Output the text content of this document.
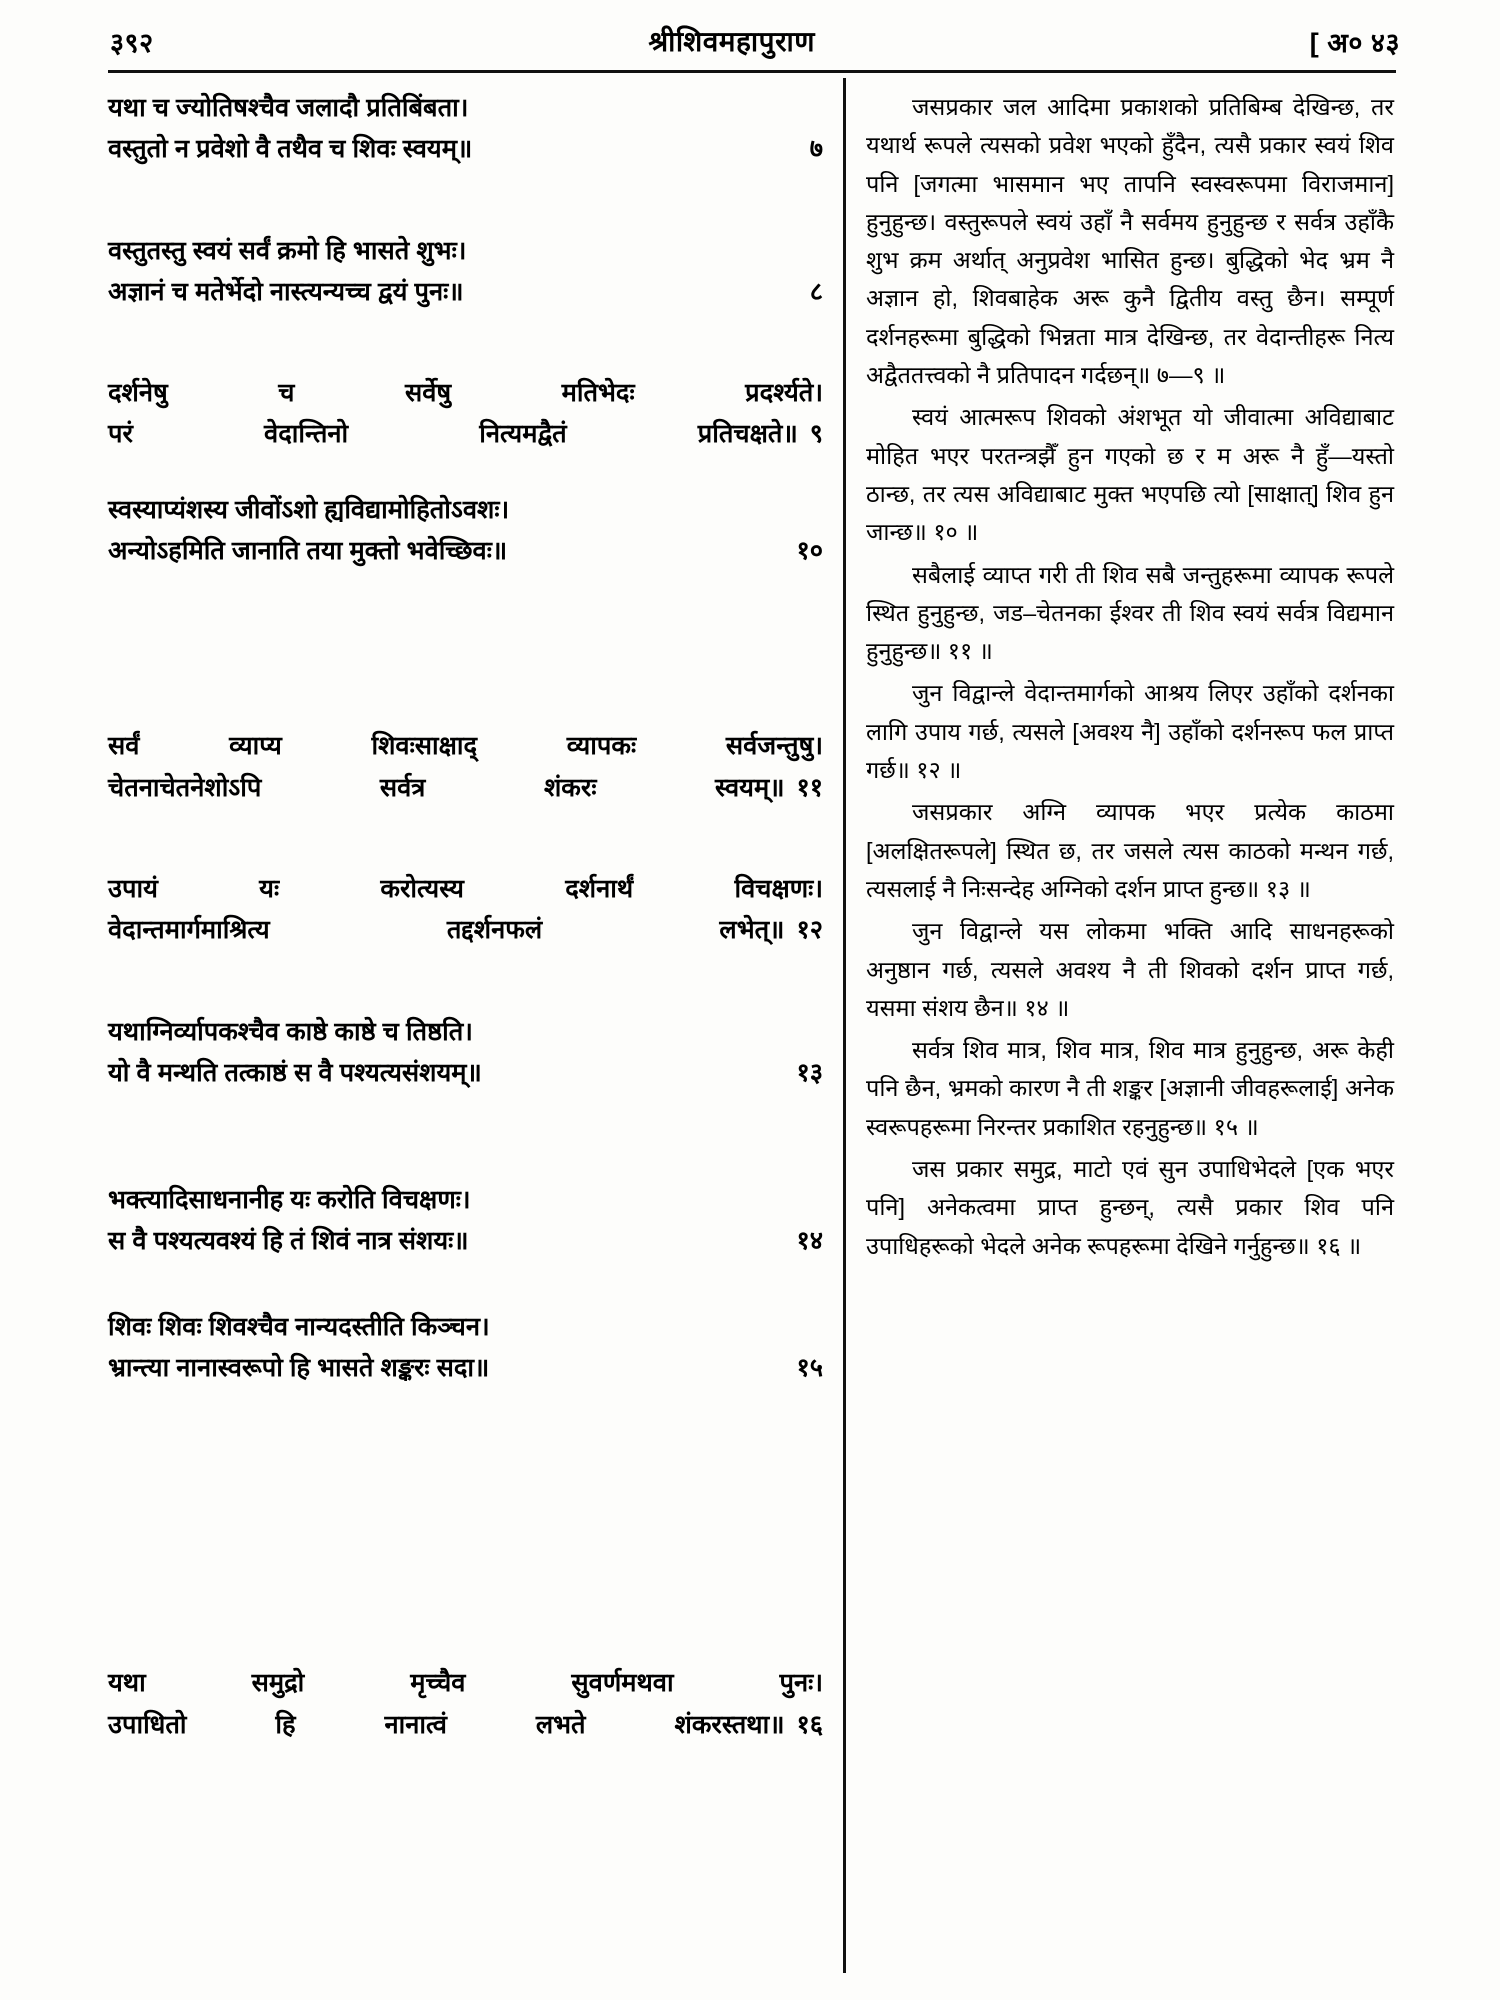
३९२	श्रीशिवमहापुराण	[ अ० ४३
यथा च ज्योतिषश्चैव जलादौ प्रतिबिंबता।
वस्तुतो न प्रवेशो वै तथैव च शिवः स्वयम्॥	७
वस्तुतस्तु स्वयं सर्वं क्रमो हि भासते शुभः।
अज्ञानं च मतेर्भेदो नास्त्यन्यच्च द्वयं पुनः॥	८
दर्शनेषु च सर्वेषु मतिभेदः प्रदर्श्यते।
परं वेदान्तिनो नित्यमद्वैतं प्रतिचक्षते॥ ९
स्वस्याप्यंशस्य जीवोंऽशो ह्यविद्यामोहितोऽवशः।
अन्योऽहमिति जानाति तया मुक्तो भवेच्छिवः॥	१०
सर्वं व्याप्य शिवःसाक्षाद् व्यापकः सर्वजन्तुषु।
चेतनाचेतनेशोऽपि सर्वत्र शंकरः स्वयम्॥ ११
उपायं यः करोत्यस्य दर्शनार्थं विचक्षणः।
वेदान्तमार्गमाश्रित्य तद्दर्शनफलं लभेत्॥ १२
यथाग्निर्व्यापकश्चैव काष्ठे काष्ठे च तिष्ठति।
यो वै मन्थति तत्काष्ठं स वै पश्यत्यसंशयम्॥	१३
भक्त्यादिसाधनानीह यः करोति विचक्षणः।
स वै पश्यत्यवश्यं हि तं शिवं नात्र संशयः॥	१४
शिवः शिवः शिवश्चैव नान्यदस्तीति किञ्चन।
भ्रान्त्या नानास्वरूपो हि भासते शङ्करः सदा॥	१५
यथा समुद्रो मृच्चैव सुवर्णमथवा पुनः।
उपाधितो हि नानात्वं लभते शंकरस्तथा॥ १६

जसप्रकार जल आदिमा प्रकाशको प्रतिबिम्ब देखिन्छ, तर यथार्थ रूपले त्यसको प्रवेश भएको हुँदैन, त्यसै प्रकार स्वयं शिव पनि [जगत्मा भासमान भए तापनि स्वस्वरूपमा विराजमान] हुनुहुन्छ। वस्तुरूपले स्वयं उहाँ नै सर्वमय हुनुहुन्छ र सर्वत्र उहाँकै शुभ क्रम अर्थात् अनुप्रवेश भासित हुन्छ। बुद्धिको भेद भ्रम नै अज्ञान हो, शिवबाहेक अरू कुनै द्वितीय वस्तु छैन। सम्पूर्ण दर्शनहरूमा बुद्धिको भिन्नता मात्र देखिन्छ, तर वेदान्तीहरू नित्य अद्वैततत्त्वको नै प्रतिपादन गर्दछन्॥ ७—९ ॥

स्वयं आत्मरूप शिवको अंशभूत यो जीवात्मा अविद्याबाट मोहित भएर परतन्त्रझैँ हुन गएको छ र म अरू नै हुँ—यस्तो ठान्छ, तर त्यस अविद्याबाट मुक्त भएपछि त्यो [साक्षात्] शिव हुन जान्छ॥ १० ॥

सबैलाई व्याप्त गरी ती शिव सबै जन्तुहरूमा व्यापक रूपले स्थित हुनुहुन्छ, जड–चेतनका ईश्वर ती शिव स्वयं सर्वत्र विद्यमान हुनुहुन्छ॥ ११ ॥

जुन विद्वान्ले वेदान्तमार्गको आश्रय लिएर उहाँको दर्शनका लागि उपाय गर्छ, त्यसले [अवश्य नै] उहाँको दर्शनरूप फल प्राप्त गर्छ॥ १२ ॥

जसप्रकार अग्नि व्यापक भएर प्रत्येक काठमा [अलक्षितरूपले] स्थित छ, तर जसले त्यस काठको मन्थन गर्छ, त्यसलाई नै निःसन्देह अग्निको दर्शन प्राप्त हुन्छ॥ १३ ॥

जुन विद्वान्ले यस लोकमा भक्ति आदि साधनहरूको अनुष्ठान गर्छ, त्यसले अवश्य नै ती शिवको दर्शन प्राप्त गर्छ, यसमा संशय छैन॥ १४ ॥

सर्वत्र शिव मात्र, शिव मात्र, शिव मात्र हुनुहुन्छ, अरू केही पनि छैन, भ्रमको कारण नै ती शङ्कर [अज्ञानी जीवहरूलाई] अनेक स्वरूपहरूमा निरन्तर प्रकाशित रहनुहुन्छ॥ १५ ॥

जस प्रकार समुद्र, माटो एवं सुन उपाधिभेदले [एक भएर पनि] अनेकत्वमा प्राप्त हुन्छन्, त्यसै प्रकार शिव पनि उपाधिहरूको भेदले अनेक रूपहरूमा देखिने गर्नुहुन्छ॥ १६ ॥
